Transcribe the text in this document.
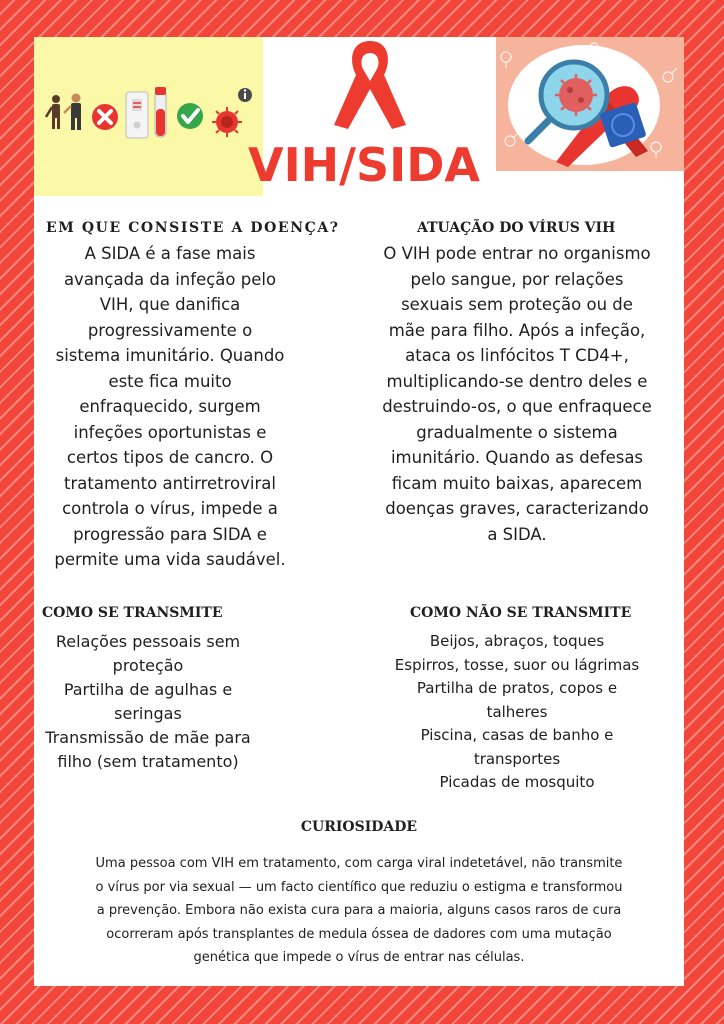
VIH/SIDA
EM QUE CONSISTE A DOENÇA?
A SIDA é a fase mais
avançada da infeção pelo
VIH, que danifica
progressivamente o
sistema imunitário. Quando
este fica muito
enfraquecido, surgem
infeções oportunistas e
certos tipos de cancro. O
tratamento antirretroviral
controla o vírus, impede a
progressão para SIDA e
permite uma vida saudável.
ATUAÇÃO DO VÍRUS VIH
O VIH pode entrar no organismo
pelo sangue, por relações
sexuais sem proteção ou de
mãe para filho. Após a infeção,
ataca os linfócitos T CD4+,
multiplicando-se dentro deles e
destruindo-os, o que enfraquece
gradualmente o sistema
imunitário. Quando as defesas
ficam muito baixas, aparecem
doenças graves, caracterizando
a SIDA.
COMO SE TRANSMITE
Relações pessoais sem
proteção
Partilha de agulhas e
seringas
Transmissão de mãe para
filho (sem tratamento)
COMO NÃO SE TRANSMITE
Beijos, abraços, toques
Espirros, tosse, suor ou lágrimas
Partilha de pratos, copos e
talheres
Piscina, casas de banho e
transportes
Picadas de mosquito
CURIOSIDADE
Uma pessoa com VIH em tratamento, com carga viral indetetável, não transmite
o vírus por via sexual — um facto científico que reduziu o estigma e transformou
a prevenção. Embora não exista cura para a maioria, alguns casos raros de cura
ocorreram após transplantes de medula óssea de dadores com uma mutação
genética que impede o vírus de entrar nas células.
